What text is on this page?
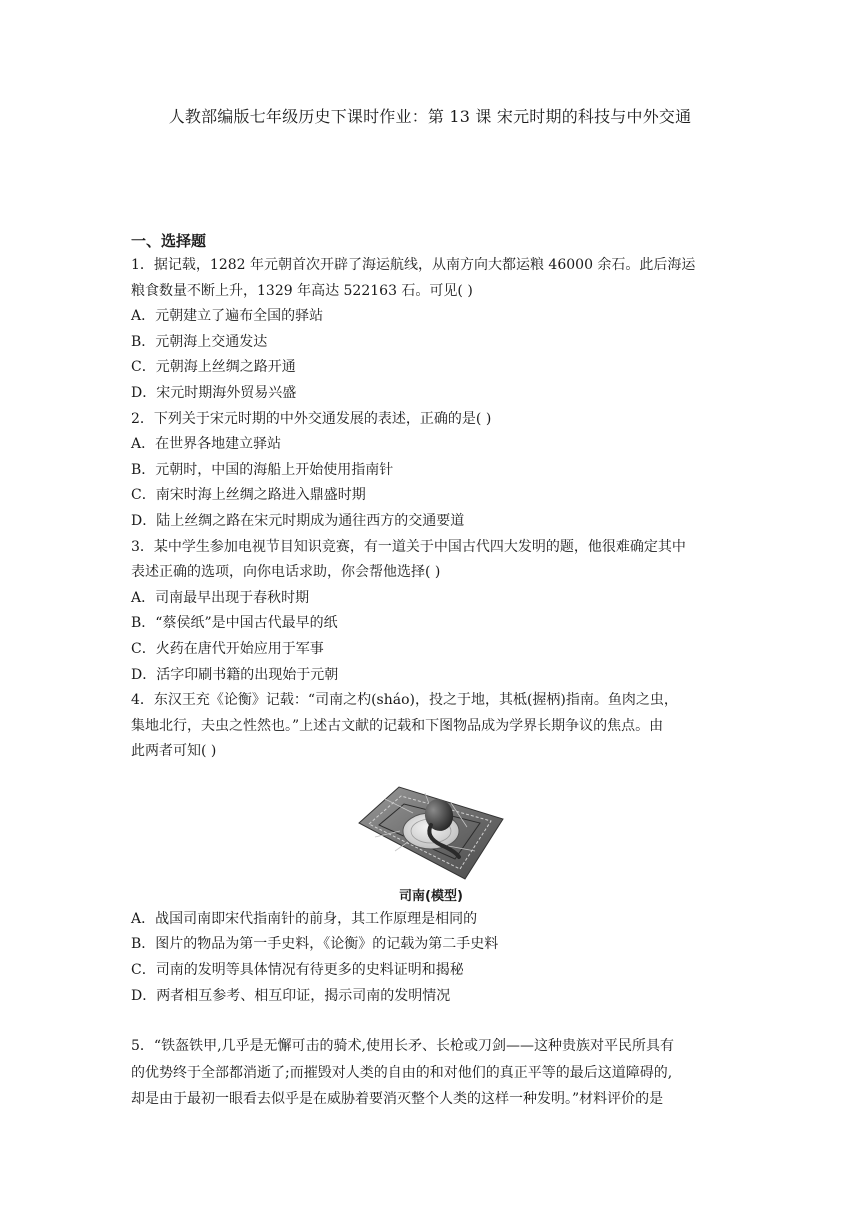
人教部编版七年级历史下课时作业：第 13 课 宋元时期的科技与中外交通
一、选择题
1．据记载，1282 年元朝首次开辟了海运航线，从南方向大都运粮 46000 余石。此后海运
粮食数量不断上升，1329 年高达 522163 石。可见( )
A．元朝建立了遍布全国的驿站
B．元朝海上交通发达
C．元朝海上丝绸之路开通
D．宋元时期海外贸易兴盛
2．下列关于宋元时期的中外交通发展的表述，正确的是( )
A．在世界各地建立驿站
B．元朝时，中国的海船上开始使用指南针
C．南宋时海上丝绸之路进入鼎盛时期
D．陆上丝绸之路在宋元时期成为通往西方的交通要道
3．某中学生参加电视节目知识竞赛，有一道关于中国古代四大发明的题，他很难确定其中
表述正确的选项，向你电话求助，你会帮他选择( )
A．司南最早出现于春秋时期
B．“蔡侯纸”是中国古代最早的纸
C．火药在唐代开始应用于军事
D．活字印刷书籍的出现始于元朝
4．东汉王充《论衡》记载：“司南之杓(sháo)，投之于地，其柢(握柄)指南。鱼肉之虫，
集地北行，夫虫之性然也。”上述古文献的记载和下图物品成为学界长期争议的焦点。由
此两者可知( )
司南(模型)
A．战国司南即宋代指南针的前身，其工作原理是相同的
B．图片的物品为第一手史料，《论衡》的记载为第二手史料
C．司南的发明等具体情况有待更多的史料证明和揭秘
D．两者相互参考、相互印证，揭示司南的发明情况
5．“铁盔铁甲,几乎是无懈可击的骑术,使用长矛、长枪或刀剑——这种贵族对平民所具有
的优势终于全部都消逝了;而摧毁对人类的自由的和对他们的真正平等的最后这道障碍的,
却是由于最初一眼看去似乎是在威胁着要消灭整个人类的这样一种发明。”材料评价的是
